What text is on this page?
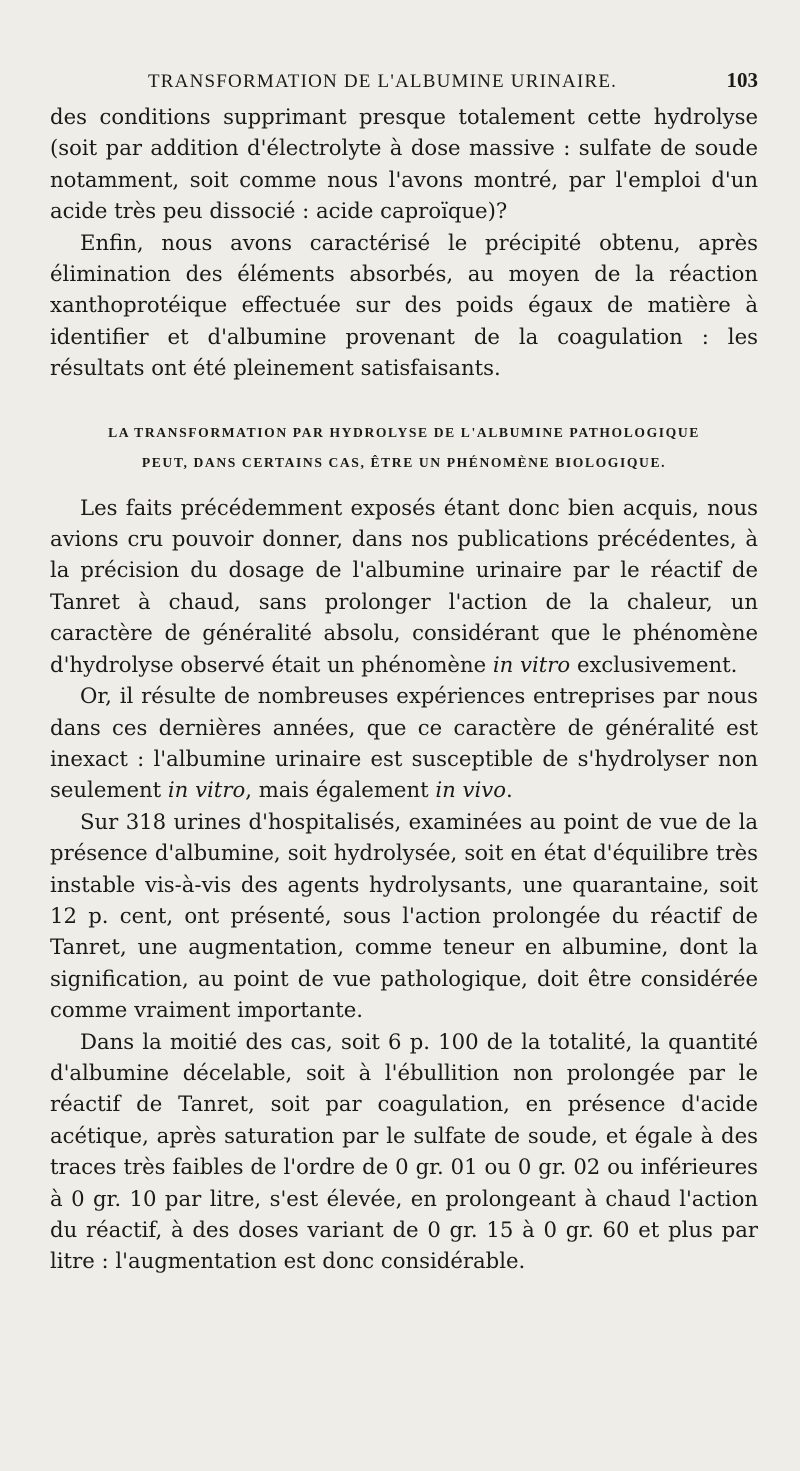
TRANSFORMATION DE L'ALBUMINE URINAIRE.	103

des conditions supprimant presque totalement cette hydrolyse (soit par addition d'électrolyte à dose massive : sulfate de soude notamment, soit comme nous l'avons montré, par l'emploi d'un acide très peu dissocié : acide caproïque)?

Enfin, nous avons caractérisé le précipité obtenu, après élimination des éléments absorbés, au moyen de la réaction xanthoprotéique effectuée sur des poids égaux de matière à identifier et d'albumine provenant de la coagulation : les résultats ont été pleinement satisfaisants.

LA TRANSFORMATION PAR HYDROLYSE DE L'ALBUMINE PATHOLOGIQUE
PEUT, DANS CERTAINS CAS, ÊTRE UN PHÉNOMÈNE BIOLOGIQUE.

Les faits précédemment exposés étant donc bien acquis, nous avions cru pouvoir donner, dans nos publications précédentes, à la précision du dosage de l'albumine urinaire par le réactif de Tanret à chaud, sans prolonger l'action de la chaleur, un caractère de généralité absolu, considérant que le phénomène d'hydrolyse observé était un phénomène in vitro exclusivement.

Or, il résulte de nombreuses expériences entreprises par nous dans ces dernières années, que ce caractère de généralité est inexact : l'albumine urinaire est susceptible de s'hydrolyser non seulement in vitro, mais également in vivo.

Sur 318 urines d'hospitalisés, examinées au point de vue de la présence d'albumine, soit hydrolysée, soit en état d'équilibre très instable vis-à-vis des agents hydrolysants, une quarantaine, soit 12 p. cent, ont présenté, sous l'action prolongée du réactif de Tanret, une augmentation, comme teneur en albumine, dont la signification, au point de vue pathologique, doit être considérée comme vraiment importante.

Dans la moitié des cas, soit 6 p. 100 de la totalité, la quantité d'albumine décelable, soit à l'ébullition non prolongée par le réactif de Tanret, soit par coagulation, en présence d'acide acétique, après saturation par le sulfate de soude, et égale à des traces très faibles de l'ordre de 0 gr. 01 ou 0 gr. 02 ou inférieures à 0 gr. 10 par litre, s'est élevée, en prolongeant à chaud l'action du réactif, à des doses variant de 0 gr. 15 à 0 gr. 60 et plus par litre : l'augmentation est donc considérable.
